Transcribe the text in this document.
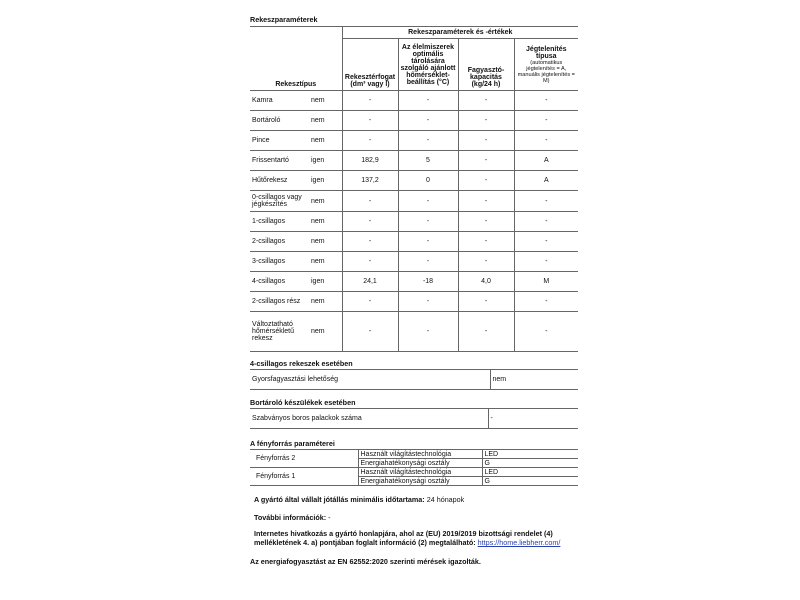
Rekeszparaméterek
		Rekeszparaméterek és -értékek			
Rekesztípus		Rekesztérfogat (dm³ vagy l)	Az élelmiszerek optimális tárolására szolgáló ajánlott hőmérséklet-beállítás (°C)	Fagyasztó-kapacitás (kg/24 h)	Jégtelenítés típusa
(automatikus jégtelenítés = A, manuális jégtelenítés = M)

Kamra	nem	-	-	-	-
Bortároló	nem	-	-	-	-
Pince	nem	-	-	-	-
Frissentartó	igen	182,9	5	-	A
Hűtőrekesz	igen	137,2	0	-	A
0-csillagos vagy jégkészítés	nem	-	-	-	-
1-csillagos	nem	-	-	-	-
2-csillagos	nem	-	-	-	-
3-csillagos	nem	-	-	-	-
4-csillagos	igen	24,1	-18	4,0	M
2-csillagos rész	nem	-	-	-	-
Változtatható hőmérsékletű rekesz	nem	-	-	-	-
4-csillagos rekeszek esetében
Gyorsfagyasztási lehetőség	nem
Bortároló készülékek esetében
Szabványos boros palackok száma	-
A fényforrás paraméterei
Fényforrás 2	Használt világítástechnológia	LED
	Energiahatékonysági osztály	G
Fényforrás 1	Használt világítástechnológia	LED
	Energiahatékonysági osztály	G
A gyártó által vállalt jótállás minimális időtartama: 24 hónapok
További információk: -
Internetes hivatkozás a gyártó honlapjára, ahol az (EU) 2019/2019 bizottsági rendelet (4) mellékletének 4. a) pontjában foglalt információ (2) megtalálható: https://home.liebherr.com/
Az energiafogyasztást az EN 62552:2020 szerinti mérések igazolták.
